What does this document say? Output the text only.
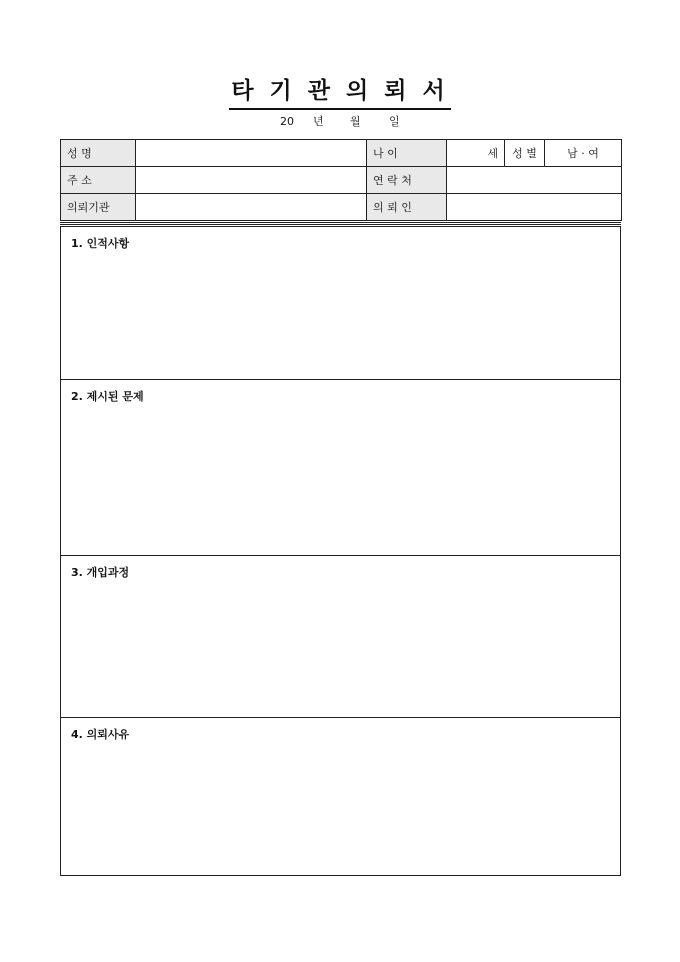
타 기 관 의 뢰 서
20 년 월	일
성 명		나 이	세	성 별	남 · 여
주 소		연 락 처			
의뢰기관		의 뢰 인			
1. 인적사항
2. 제시된 문제
3. 개입과정
4. 의뢰사유
